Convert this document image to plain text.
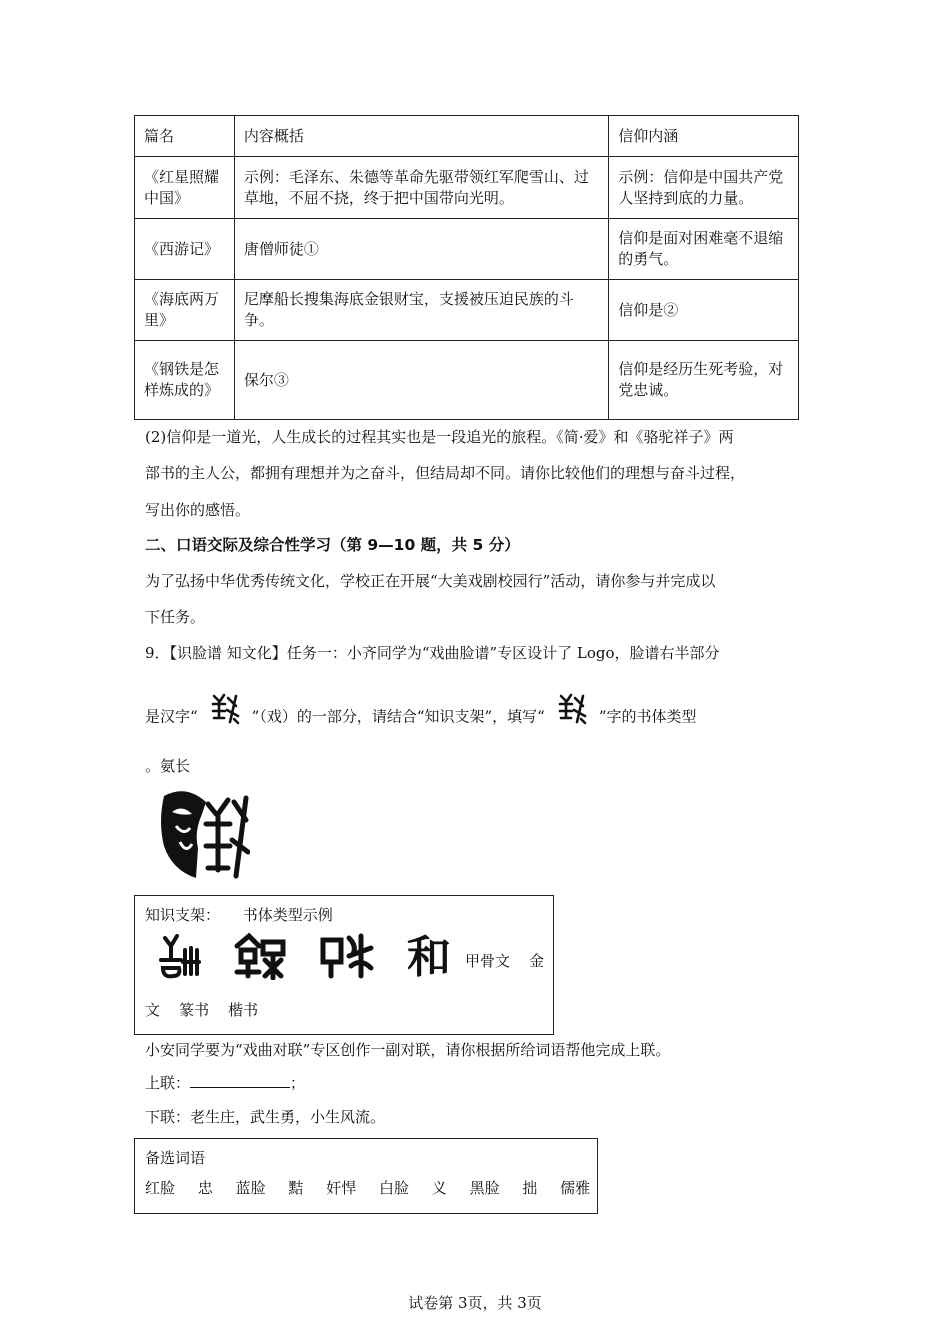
篇名	内容概括	信仰内涵
《红星照耀中国》	示例：毛泽东、朱德等革命先驱带领红军爬雪山、过草地，不屈不挠，终于把中国带向光明。	示例：信仰是中国共产党人坚持到底的力量。
《西游记》	唐僧师徒①	信仰是面对困难毫不退缩的勇气。
《海底两万里》	尼摩船长搜集海底金银财宝，支援被压迫民族的斗争。	信仰是②
《钢铁是怎样炼成的》	保尔③	信仰是经历生死考验，对党忠诚。
(2)信仰是一道光，人生成长的过程其实也是一段追光的旅程。《简·爱》和《骆驼祥子》两
部书的主人公，都拥有理想并为之奋斗，但结局却不同。请你比较他们的理想与奋斗过程，
写出你的感悟。
二、口语交际及综合性学习（第 9—10 题，共 5 分）
为了弘扬中华优秀传统文化，学校正在开展“大美戏剧校园行”活动，请你参与并完成以
下任务。
9．【识脸谱 知文化】任务一：小齐同学为“戏曲脸谱”专区设计了 Logo，脸谱右半部分
是汉字“	”（戏）的一部分，请结合“知识支架”，填写“	”字的书体类型
。氨长
知识支架： 书体类型示例
和 甲骨文    金
文    篆书    楷书
小安同学要为“戏曲对联”专区创作一副对联，请你根据所给词语帮他完成上联。
上联：	；
下联：老生庄，武生勇，小生风流。
备选词语
红脸 忠 蓝脸 黠 奸悍 白脸 义 黑脸 拙 儒雅
试卷第 3页，共 3页
